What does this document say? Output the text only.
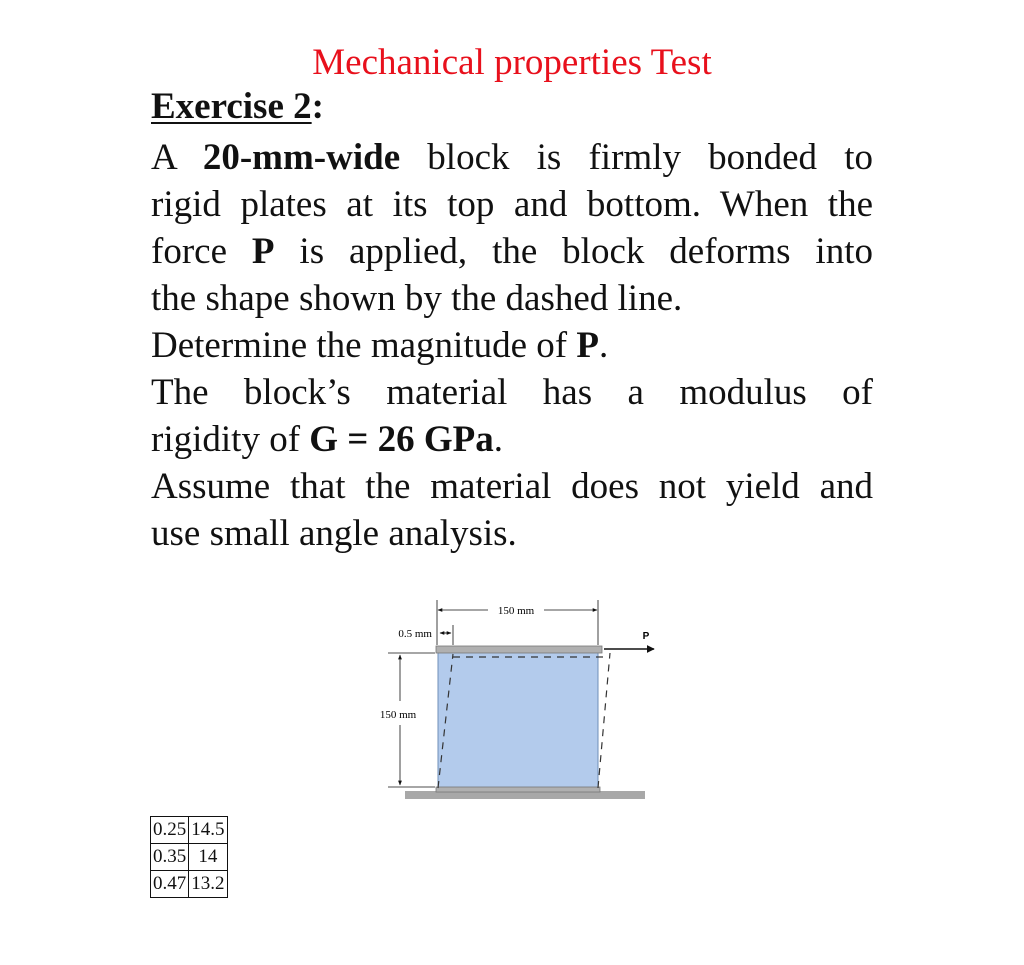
Mechanical properties Test
Exercise 2:
A 20-mm-wide block is firmly bonded to
rigid plates at its top and bottom. When the
force P is applied, the block deforms into
the shape shown by the dashed line.
Determine the magnitude of P.
The block’s material has a modulus of
rigidity of G = 26 GPa.
Assume that the material does not yield and
use small angle analysis.
150 mm
0.5 mm
150 mm
P
0.25	14.5
0.35	14
0.47	13.2
